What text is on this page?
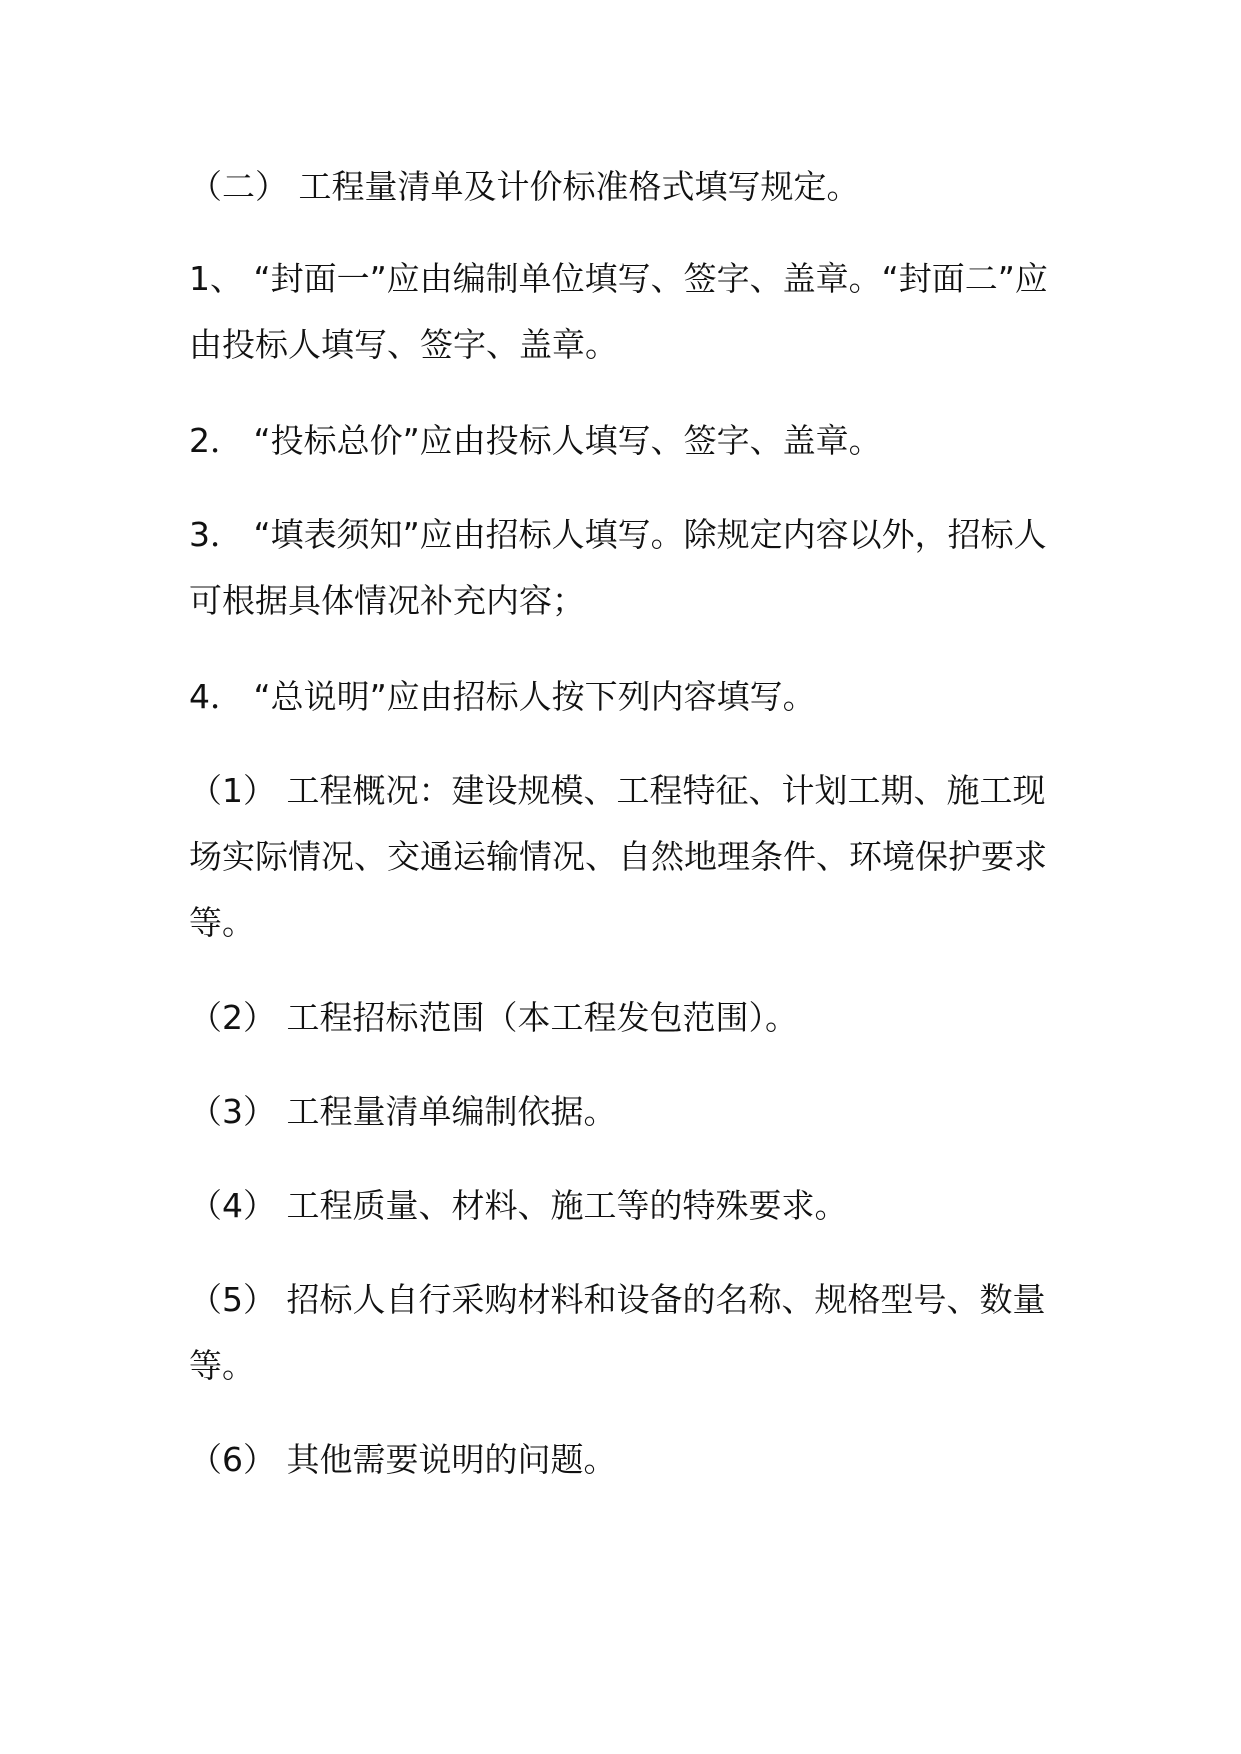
（二） 工程量清单及计价标准格式填写规定。

1、 “封面一”应由编制单位填写、签字、盖章。“封面二”应由投标人填写、签字、盖章。

2． “投标总价”应由投标人填写、签字、盖章。

3． “填表须知”应由招标人填写。除规定内容以外，招标人可根据具体情况补充内容；

4． “总说明”应由招标人按下列内容填写。

（1） 工程概况：建设规模、工程特征、计划工期、施工现场实际情况、交通运输情况、自然地理条件、环境保护要求等。

（2） 工程招标范围（本工程发包范围）。

（3） 工程量清单编制依据。

（4） 工程质量、材料、施工等的特殊要求。

（5） 招标人自行采购材料和设备的名称、规格型号、数量等。

（6） 其他需要说明的问题。
